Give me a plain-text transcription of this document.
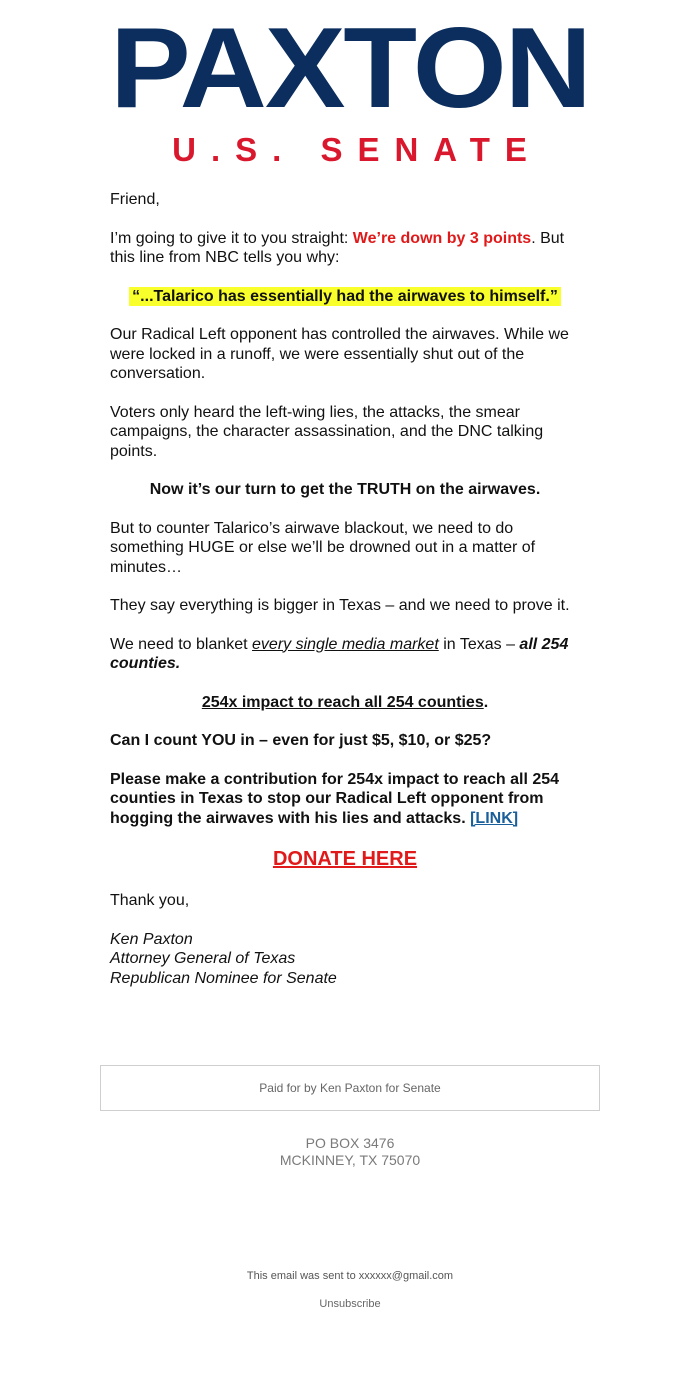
PAXTON
U.S. SENATE

Friend,

I’m going to give it to you straight: We’re down by 3 points. But this line from NBC tells you why:

“...Talarico has essentially had the airwaves to himself.”

Our Radical Left opponent has controlled the airwaves. While we were locked in a runoff, we were essentially shut out of the conversation.

Voters only heard the left-wing lies, the attacks, the smear campaigns, the character assassination, and the DNC talking points.

Now it’s our turn to get the TRUTH on the airwaves.

But to counter Talarico’s airwave blackout, we need to do something HUGE or else we’ll be drowned out in a matter of minutes…

They say everything is bigger in Texas – and we need to prove it.

We need to blanket every single media market in Texas – all 254 counties.

254x impact to reach all 254 counties.

Can I count YOU in – even for just $5, $10, or $25?

Please make a contribution for 254x impact to reach all 254 counties in Texas to stop our Radical Left opponent from hogging the airwaves with his lies and attacks. [LINK]

DONATE HERE

Thank you,

Ken Paxton
Attorney General of Texas
Republican Nominee for Senate
Paid for by Ken Paxton for Senate
PO BOX 3476
MCKINNEY, TX 75070
This email was sent to xxxxxx@gmail.com
Unsubscribe
